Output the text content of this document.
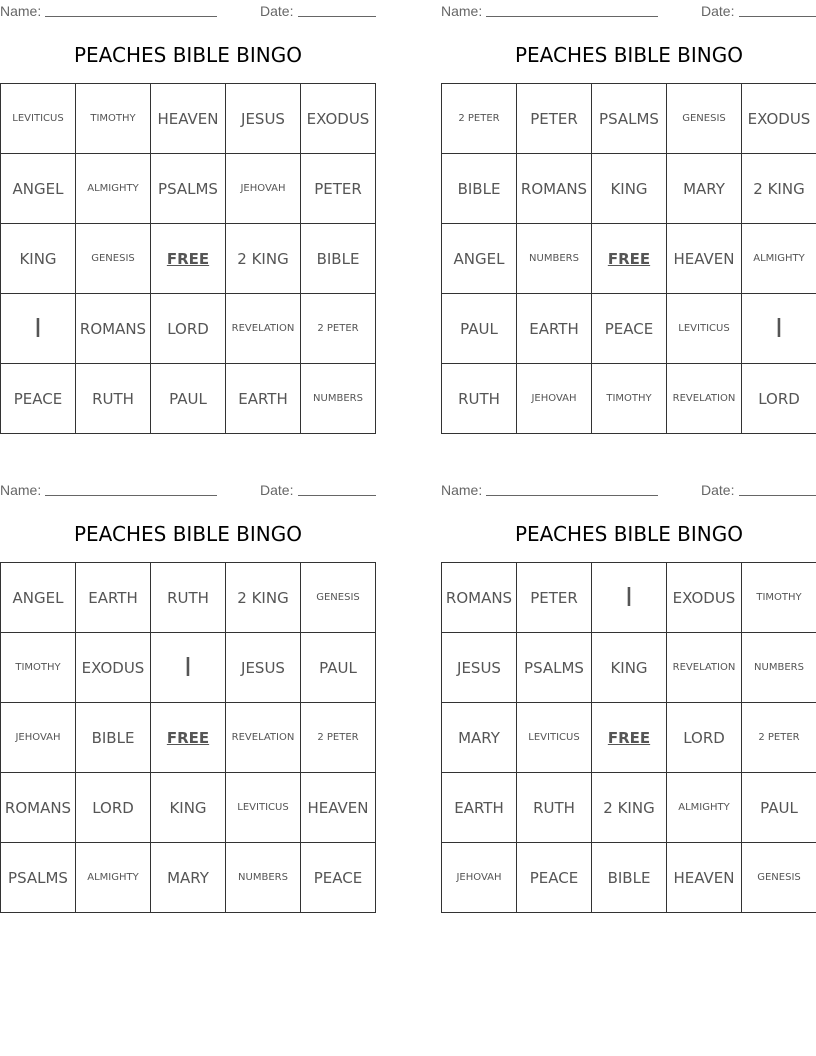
Name:	Date:
PEACHES BIBLE BINGO
LEVITICUS	TIMOTHY	HEAVEN	JESUS	EXODUS
ANGEL	ALMIGHTY	PSALMS	JEHOVAH	PETER
KING	GENESIS	FREE	2 KING	BIBLE
I	ROMANS	LORD	REVELATION	2 PETER
PEACE	RUTH	PAUL	EARTH	NUMBERS
Name:	Date:
PEACHES BIBLE BINGO
2 PETER	PETER	PSALMS	GENESIS	EXODUS
BIBLE	ROMANS	KING	MARY	2 KING
ANGEL	NUMBERS	FREE	HEAVEN	ALMIGHTY
PAUL	EARTH	PEACE	LEVITICUS	I
RUTH	JEHOVAH	TIMOTHY	REVELATION	LORD
Name:	Date:
PEACHES BIBLE BINGO
ANGEL	EARTH	RUTH	2 KING	GENESIS
TIMOTHY	EXODUS	I	JESUS	PAUL
JEHOVAH	BIBLE	FREE	REVELATION	2 PETER
ROMANS	LORD	KING	LEVITICUS	HEAVEN
PSALMS	ALMIGHTY	MARY	NUMBERS	PEACE
Name:	Date:
PEACHES BIBLE BINGO
ROMANS	PETER	I	EXODUS	TIMOTHY
JESUS	PSALMS	KING	REVELATION	NUMBERS
MARY	LEVITICUS	FREE	LORD	2 PETER
EARTH	RUTH	2 KING	ALMIGHTY	PAUL
JEHOVAH	PEACE	BIBLE	HEAVEN	GENESIS
